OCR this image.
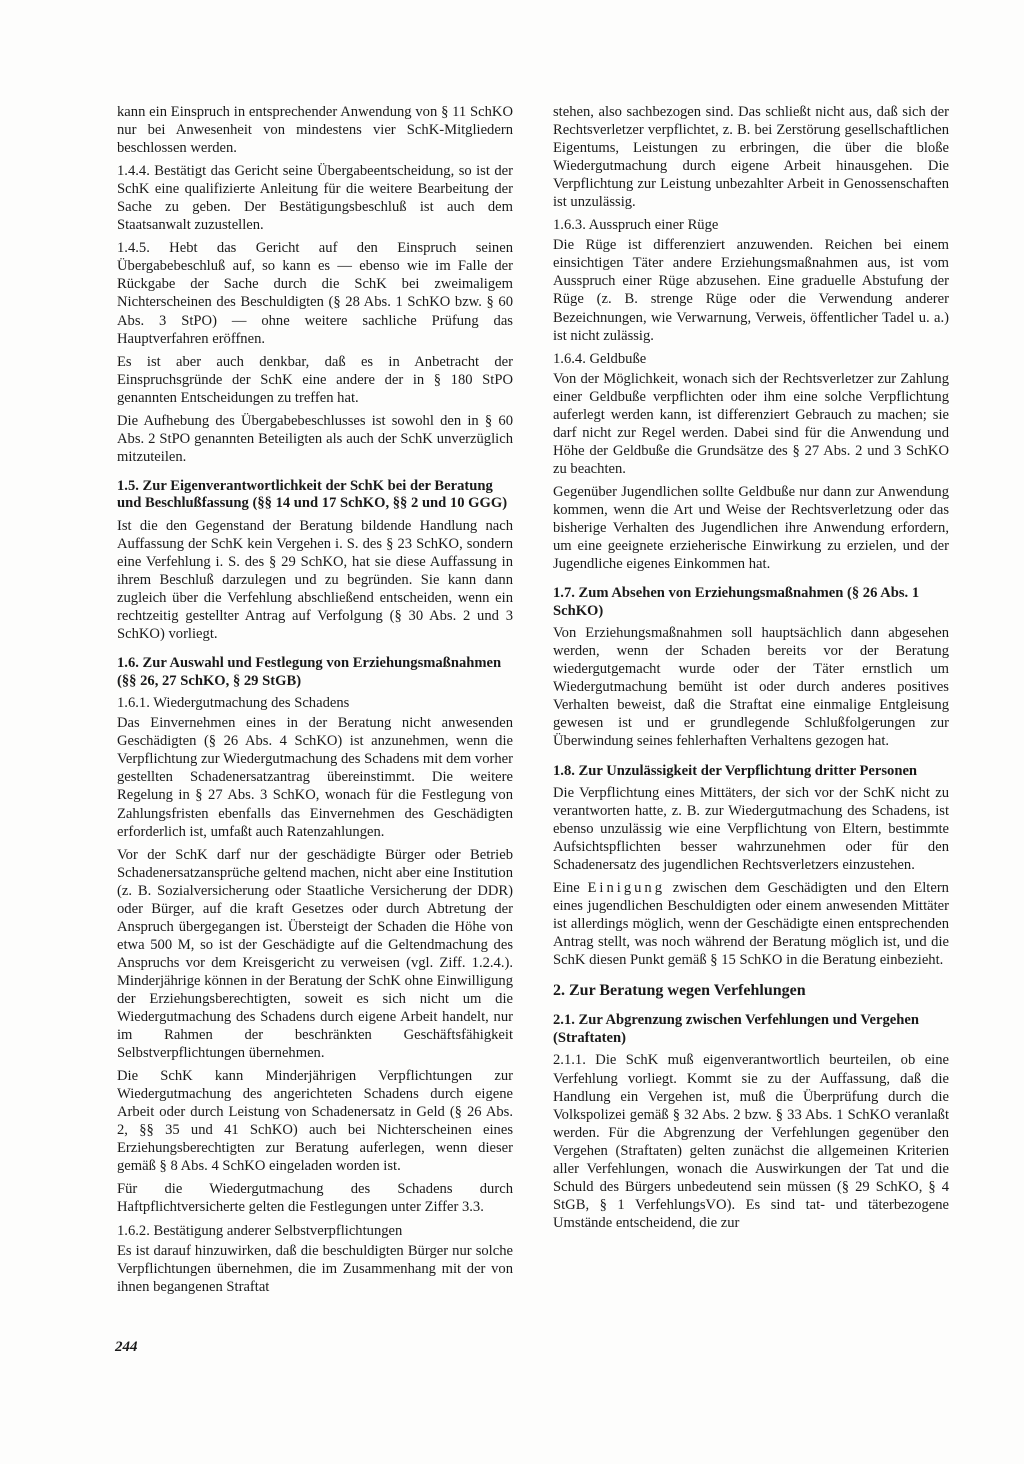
kann ein Einspruch in entsprechender Anwendung von § 11 SchKO nur bei Anwesenheit von mindestens vier SchK-Mitgliedern beschlossen werden.

1.4.4. Bestätigt das Gericht seine Übergabeentscheidung, so ist der SchK eine qualifizierte Anleitung für die weitere Bearbeitung der Sache zu geben. Der Bestätigungsbeschluß ist auch dem Staatsanwalt zuzustellen.

1.4.5. Hebt das Gericht auf den Einspruch seinen Übergabebeschluß auf, so kann es — ebenso wie im Falle der Rückgabe der Sache durch die SchK bei zweimaligem Nichterscheinen des Beschuldigten (§ 28 Abs. 1 SchKO bzw. § 60 Abs. 3 StPO) — ohne weitere sachliche Prüfung das Hauptverfahren eröffnen.

Es ist aber auch denkbar, daß es in Anbetracht der Einspruchsgründe der SchK eine andere der in § 180 StPO genannten Entscheidungen zu treffen hat.

Die Aufhebung des Übergabebeschlusses ist sowohl den in § 60 Abs. 2 StPO genannten Beteiligten als auch der SchK unverzüglich mitzuteilen.

1.5. Zur Eigenverantwortlichkeit der SchK bei der Beratung und Beschlußfassung (§§ 14 und 17 SchKO, §§ 2 und 10 GGG)

Ist die den Gegenstand der Beratung bildende Handlung nach Auffassung der SchK kein Vergehen i. S. des § 23 SchKO, sondern eine Verfehlung i. S. des § 29 SchKO, hat sie diese Auffassung in ihrem Beschluß darzulegen und zu begründen. Sie kann dann zugleich über die Verfehlung abschließend entscheiden, wenn ein rechtzeitig gestellter Antrag auf Verfolgung (§ 30 Abs. 2 und 3 SchKO) vorliegt.

1.6. Zur Auswahl und Festlegung von Erziehungsmaßnahmen (§§ 26, 27 SchKO, § 29 StGB)

1.6.1. Wiedergutmachung des Schadens

Das Einvernehmen eines in der Beratung nicht anwesenden Geschädigten (§ 26 Abs. 4 SchKO) ist anzunehmen, wenn die Verpflichtung zur Wiedergutmachung des Schadens mit dem vorher gestellten Schadenersatzantrag übereinstimmt. Die weitere Regelung in § 27 Abs. 3 SchKO, wonach für die Festlegung von Zahlungsfristen ebenfalls das Einvernehmen des Geschädigten erforderlich ist, umfaßt auch Ratenzahlungen.

Vor der SchK darf nur der geschädigte Bürger oder Betrieb Schadenersatzansprüche geltend machen, nicht aber eine Institution (z. B. Sozialversicherung oder Staatliche Versicherung der DDR) oder Bürger, auf die kraft Gesetzes oder durch Abtretung der Anspruch übergegangen ist. Übersteigt der Schaden die Höhe von etwa 500 M, so ist der Geschädigte auf die Geltendmachung des Anspruchs vor dem Kreisgericht zu verweisen (vgl. Ziff. 1.2.4.). Minderjährige können in der Beratung der SchK ohne Einwilligung der Erziehungsberechtigten, soweit es sich nicht um die Wiedergutmachung des Schadens durch eigene Arbeit handelt, nur im Rahmen der beschränkten Geschäftsfähigkeit Selbstverpflichtungen übernehmen.

Die SchK kann Minderjährigen Verpflichtungen zur Wiedergutmachung des angerichteten Schadens durch eigene Arbeit oder durch Leistung von Schadenersatz in Geld (§ 26 Abs. 2, §§ 35 und 41 SchKO) auch bei Nichterscheinen eines Erziehungsberechtigten zur Beratung auferlegen, wenn dieser gemäß § 8 Abs. 4 SchKO eingeladen worden ist.

Für die Wiedergutmachung des Schadens durch Haftpflichtversicherte gelten die Festlegungen unter Ziffer 3.3.

1.6.2. Bestätigung anderer Selbstverpflichtungen

Es ist darauf hinzuwirken, daß die beschuldigten Bürger nur solche Verpflichtungen übernehmen, die im Zusammenhang mit der von ihnen begangenen Straftat

stehen, also sachbezogen sind. Das schließt nicht aus, daß sich der Rechtsverletzer verpflichtet, z. B. bei Zerstörung gesellschaftlichen Eigentums, Leistungen zu erbringen, die über die bloße Wiedergutmachung durch eigene Arbeit hinausgehen. Die Verpflichtung zur Leistung unbezahlter Arbeit in Genossenschaften ist unzulässig.

1.6.3. Ausspruch einer Rüge

Die Rüge ist differenziert anzuwenden. Reichen bei einem einsichtigen Täter andere Erziehungsmaßnahmen aus, ist vom Ausspruch einer Rüge abzusehen. Eine graduelle Abstufung der Rüge (z. B. strenge Rüge oder die Verwendung anderer Bezeichnungen, wie Verwarnung, Verweis, öffentlicher Tadel u. a.) ist nicht zulässig.

1.6.4. Geldbuße

Von der Möglichkeit, wonach sich der Rechtsverletzer zur Zahlung einer Geldbuße verpflichten oder ihm eine solche Verpflichtung auferlegt werden kann, ist differenziert Gebrauch zu machen; sie darf nicht zur Regel werden. Dabei sind für die Anwendung und Höhe der Geldbuße die Grundsätze des § 27 Abs. 2 und 3 SchKO zu beachten.

Gegenüber Jugendlichen sollte Geldbuße nur dann zur Anwendung kommen, wenn die Art und Weise der Rechtsverletzung oder das bisherige Verhalten des Jugendlichen ihre Anwendung erfordern, um eine geeignete erzieherische Einwirkung zu erzielen, und der Jugendliche eigenes Einkommen hat.

1.7. Zum Absehen von Erziehungsmaßnahmen (§ 26 Abs. 1 SchKO)

Von Erziehungsmaßnahmen soll hauptsächlich dann abgesehen werden, wenn der Schaden bereits vor der Beratung wiedergutgemacht wurde oder der Täter ernstlich um Wiedergutmachung bemüht ist oder durch anderes positives Verhalten beweist, daß die Straftat eine einmalige Entgleisung gewesen ist und er grundlegende Schlußfolgerungen zur Überwindung seines fehlerhaften Verhaltens gezogen hat.

1.8. Zur Unzulässigkeit der Verpflichtung dritter Personen

Die Verpflichtung eines Mittäters, der sich vor der SchK nicht zu verantworten hatte, z. B. zur Wiedergutmachung des Schadens, ist ebenso unzulässig wie eine Verpflichtung von Eltern, bestimmte Aufsichtspflichten besser wahrzunehmen oder für den Schadenersatz des jugendlichen Rechtsverletzers einzustehen.

Eine Einigung zwischen dem Geschädigten und den Eltern eines jugendlichen Beschuldigten oder einem anwesenden Mittäter ist allerdings möglich, wenn der Geschädigte einen entsprechenden Antrag stellt, was noch während der Beratung möglich ist, und die SchK diesen Punkt gemäß § 15 SchKO in die Beratung einbezieht.

2. Zur Beratung wegen Verfehlungen
2.1. Zur Abgrenzung zwischen Verfehlungen und Vergehen (Straftaten)

2.1.1. Die SchK muß eigenverantwortlich beurteilen, ob eine Verfehlung vorliegt. Kommt sie zu der Auffassung, daß die Handlung ein Vergehen ist, muß die Überprüfung durch die Volkspolizei gemäß § 32 Abs. 2 bzw. § 33 Abs. 1 SchKO veranlaßt werden. Für die Abgrenzung der Verfehlungen gegenüber den Vergehen (Straftaten) gelten zunächst die allgemeinen Kriterien aller Verfehlungen, wonach die Auswirkungen der Tat und die Schuld des Bürgers unbedeutend sein müssen (§ 29 SchKO, § 4 StGB, § 1 VerfehlungsVO). Es sind tat- und täterbezogene Umstände entscheidend, die zur

244
